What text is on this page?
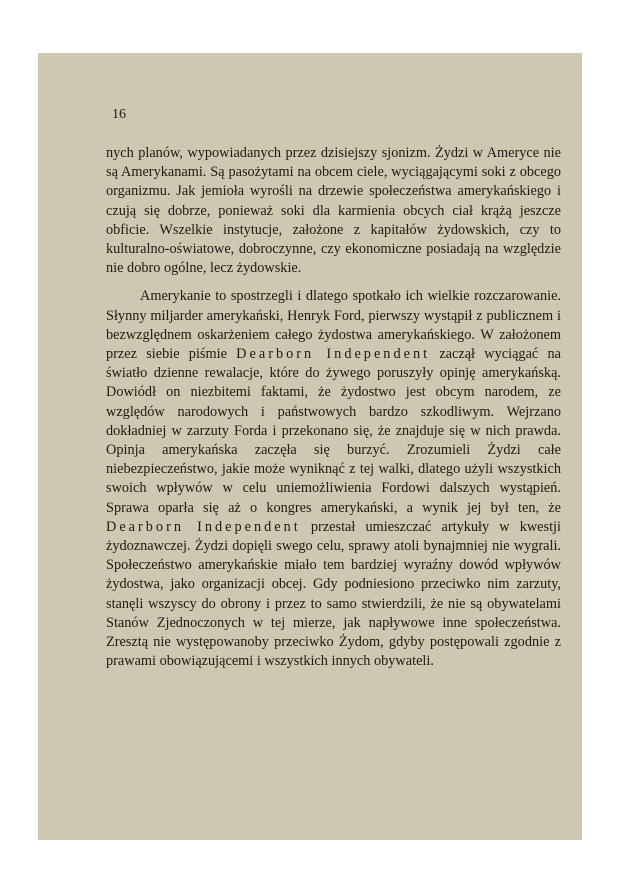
16

nych planów, wypowiadanych przez dzisiejszy sjonizm. Żydzi w Ameryce nie są Amerykanami. Są pasożytami na obcem ciele, wyciągającymi soki z obcego organizmu. Jak jemioła wyrośli na drzewie społeczeństwa amerykańskiego i czują się dobrze, ponieważ soki dla karmienia obcych ciał krążą jeszcze obficie. Wszelkie instytucje, założone z kapitałów żydowskich, czy to kulturalno-oświatowe, dobroczynne, czy ekonomiczne posiadają na względzie nie dobro ogólne, lecz żydowskie.

Amerykanie to spostrzegli i dlatego spotkało ich wielkie rozczarowanie. Słynny miljarder amerykański, Henryk Ford, pierwszy wystąpił z publicznem i bezwzględnem oskarżeniem całego żydostwa amerykańskiego. W założonem przez siebie piśmie Dearborn Independent zaczął wyciągać na światło dzienne rewalacje, które do żywego poruszyły opinję amerykańską. Dowiódł on niezbitemi faktami, że żydostwo jest obcym narodem, ze względów narodowych i państwowych bardzo szkodliwym. Wejrzano dokładniej w zarzuty Forda i przekonano się, że znajduje się w nich prawda. Opinja amerykańska zaczęła się burzyć. Zrozumieli Żydzi całe niebezpieczeństwo, jakie może wyniknąć z tej walki, dlatego użyli wszystkich swoich wpływów w celu uniemożliwienia Fordowi dalszych wystąpień. Sprawa oparła się aż o kongres amerykański, a wynik jej był ten, że Dearborn Independent przestał umieszczać artykuły w kwestji żydoznawczej. Żydzi dopięli swego celu, sprawy atoli bynajmniej nie wygrali. Społeczeństwo amerykańskie miało tem bardziej wyraźny dowód wpływów żydostwa, jako organizacji obcej. Gdy podniesiono przeciwko nim zarzuty, stanęli wszyscy do obrony i przez to samo stwierdzili, że nie są obywatelami Stanów Zjednoczonych w tej mierze, jak napływowe inne społeczeństwa. Zresztą nie występowanoby przeciwko Żydom, gdyby postępowali zgodnie z prawami obowiązującemi i wszystkich innych obywateli.
